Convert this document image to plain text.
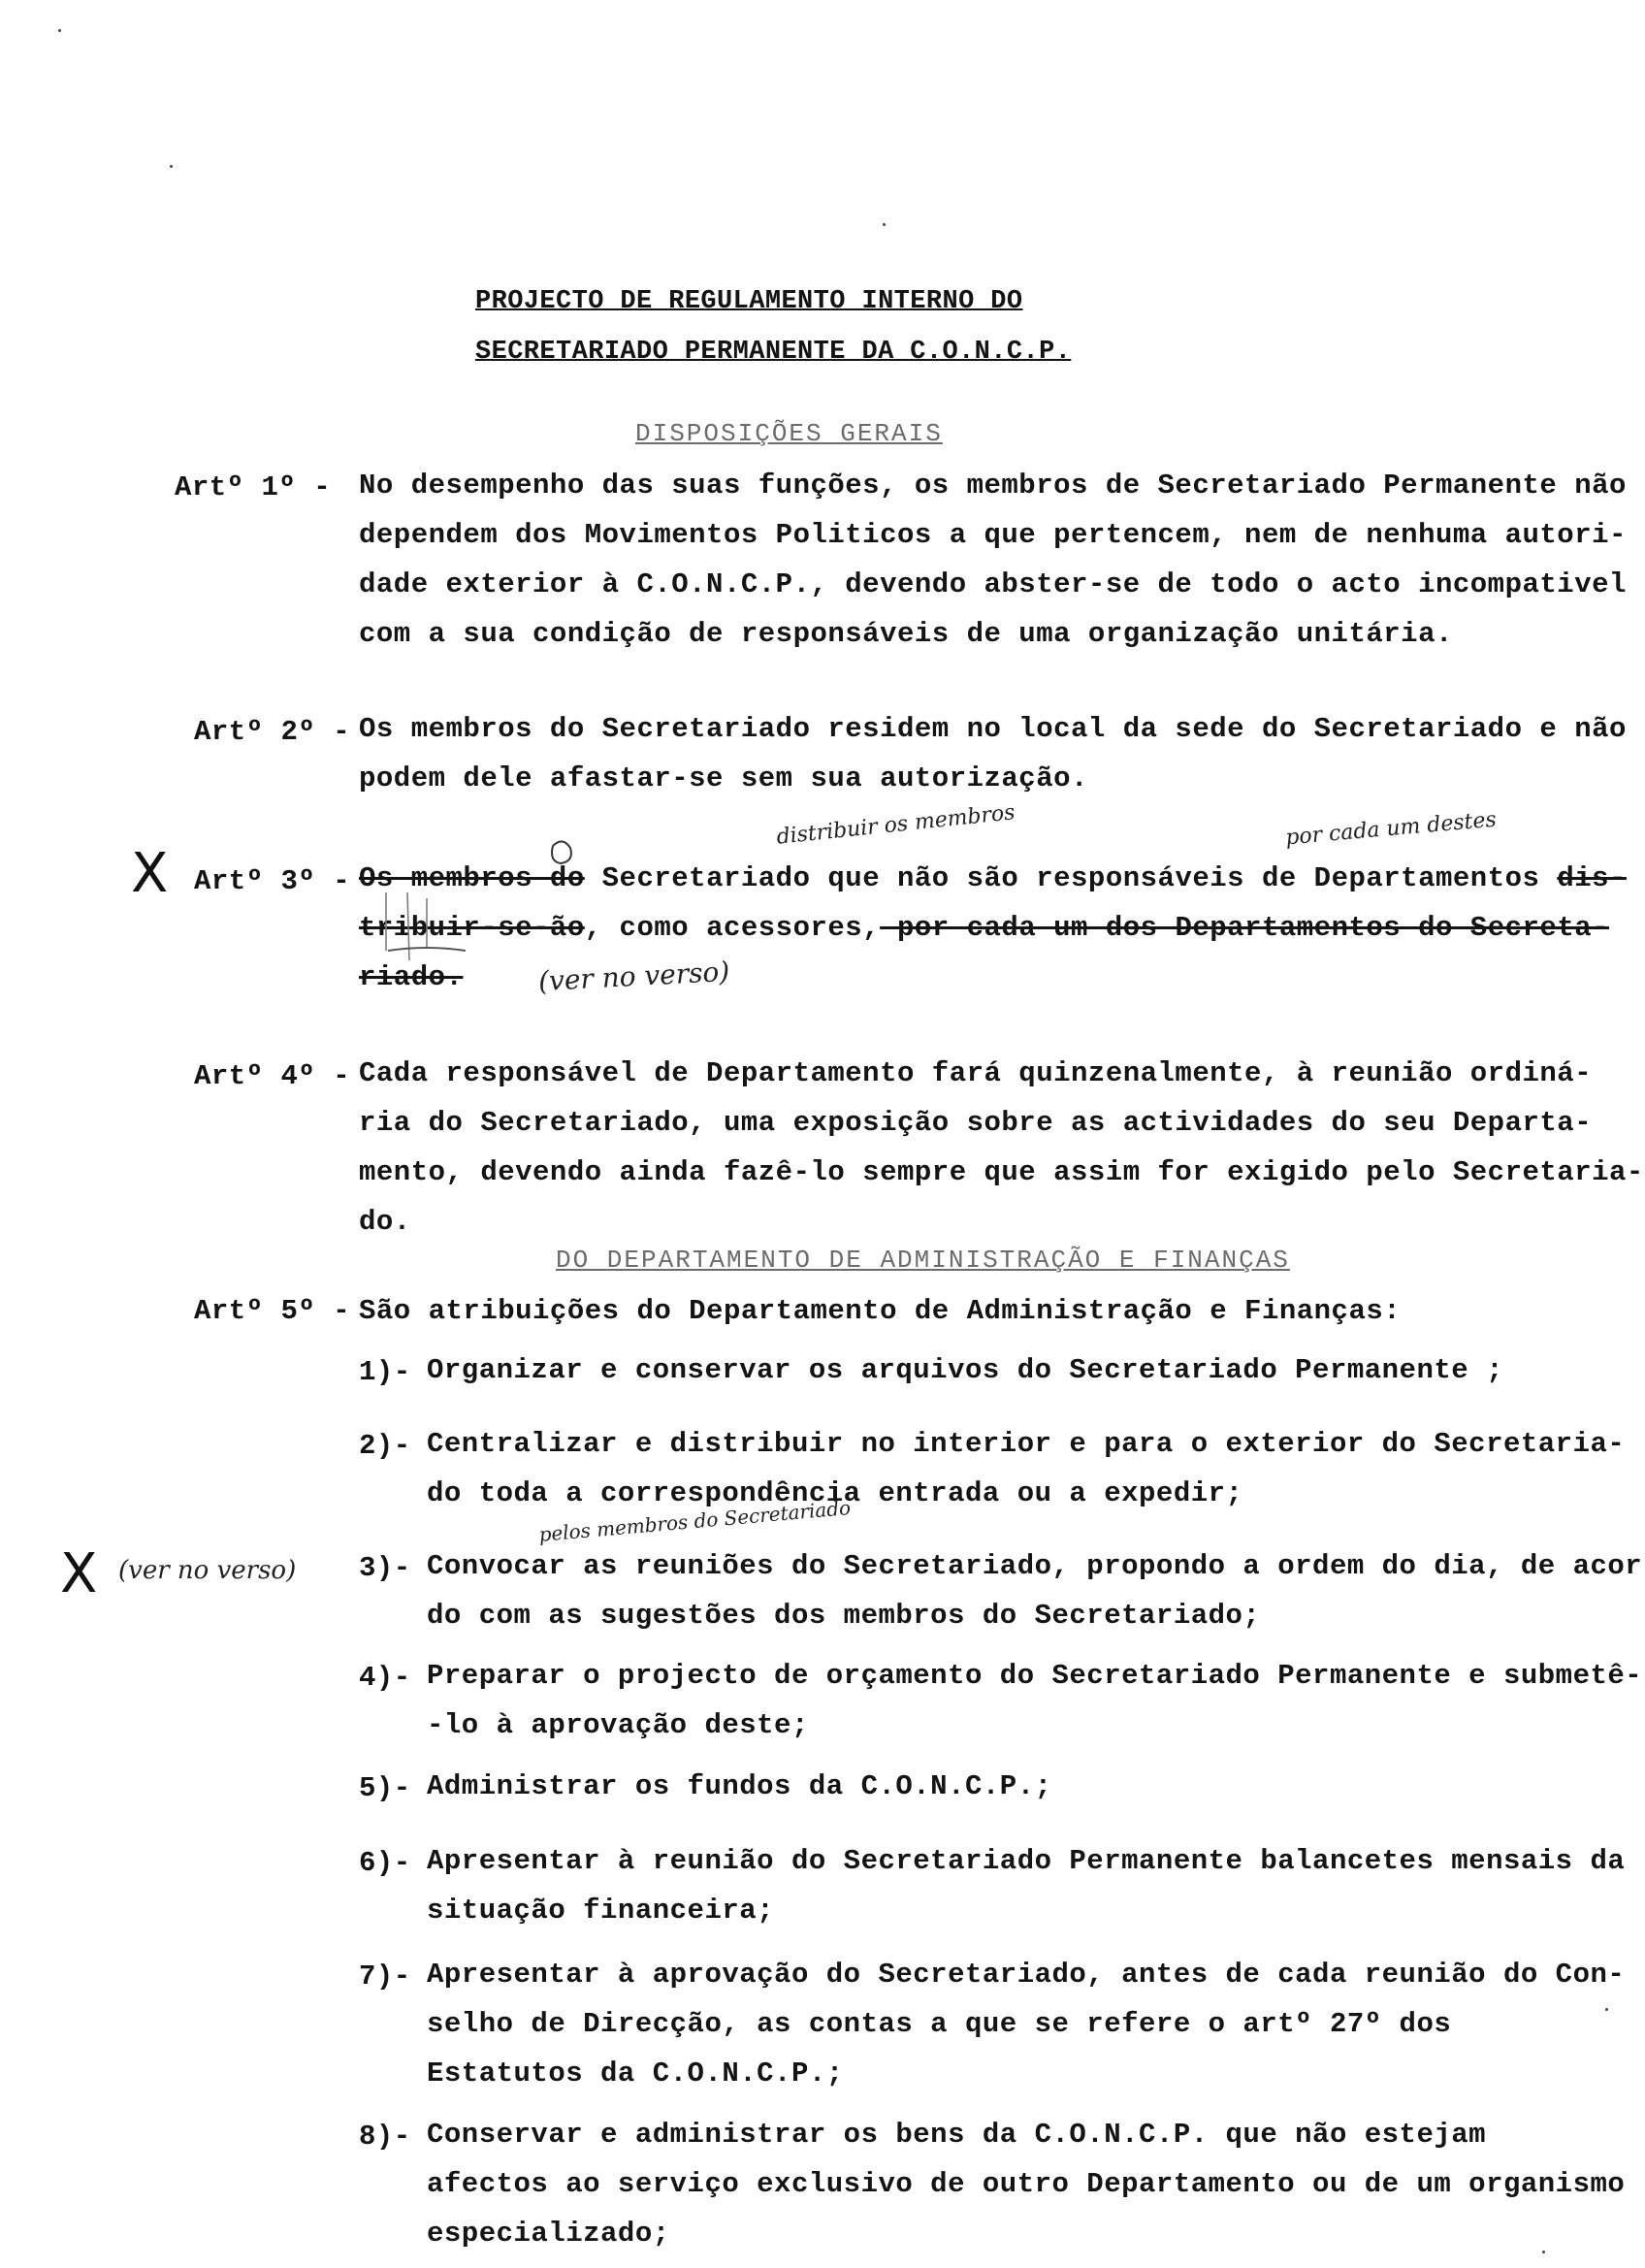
PROJECTO DE REGULAMENTO INTERNO DO
SECRETARIADO PERMANENTE DA C.O.N.C.P.
DISPOSIÇÕES GERAIS
Artº 1º - No desempenho das suas funções, os membros de Secretariado Permanente não
dependem dos Movimentos Politicos a que pertencem, nem de nenhuma autori-
dade exterior à C.O.N.C.P., devendo abster-se de todo o acto incompativel
com a sua condição de responsáveis de uma organização unitária.
Artº 2º - Os membros do Secretariado residem no local da sede do Secretariado e não
podem dele afastar-se sem sua autorização.
X Artº 3º - Os membros do Secretariado que não são responsáveis de Departamentos dis-
tribuir-se-ão, como acessores, por cada um dos Departamentos do Secreta-
riado.
distribuir os membros	por cada um destes
(ver no verso)
Artº 4º - Cada responsável de Departamento fará quinzenalmente, à reunião ordiná-
ria do Secretariado, uma exposição sobre as actividades do seu Departa-
mento, devendo ainda fazê-lo sempre que assim for exigido pelo Secretaria-
do.
DO DEPARTAMENTO DE ADMINISTRAÇÃO E FINANÇAS
Artº 5º - São atribuições do Departamento de Administração e Finanças:
1)- Organizar e conservar os arquivos do Secretariado Permanente ;
2)- Centralizar e distribuir no interior e para o exterior do Secretaria-
do toda a correspondência entrada ou a expedir;
X (ver no verso)
pelos membros do Secretariado
3)- Convocar as reuniões do Secretariado, propondo a ordem do dia, de acor
do com as sugestões dos membros do Secretariado;
4)- Preparar o projecto de orçamento do Secretariado Permanente e submetê-
-lo à aprovação deste;
5)- Administrar os fundos da C.O.N.C.P.;
6)- Apresentar à reunião do Secretariado Permanente balancetes mensais da
situação financeira;
7)- Apresentar à aprovação do Secretariado, antes de cada reunião do Con-
selho de Direcção, as contas a que se refere o artº 27º dos
Estatutos da C.O.N.C.P.;
8)- Conservar e administrar os bens da C.O.N.C.P. que não estejam
afectos ao serviço exclusivo de outro Departamento ou de um organismo
especializado;
